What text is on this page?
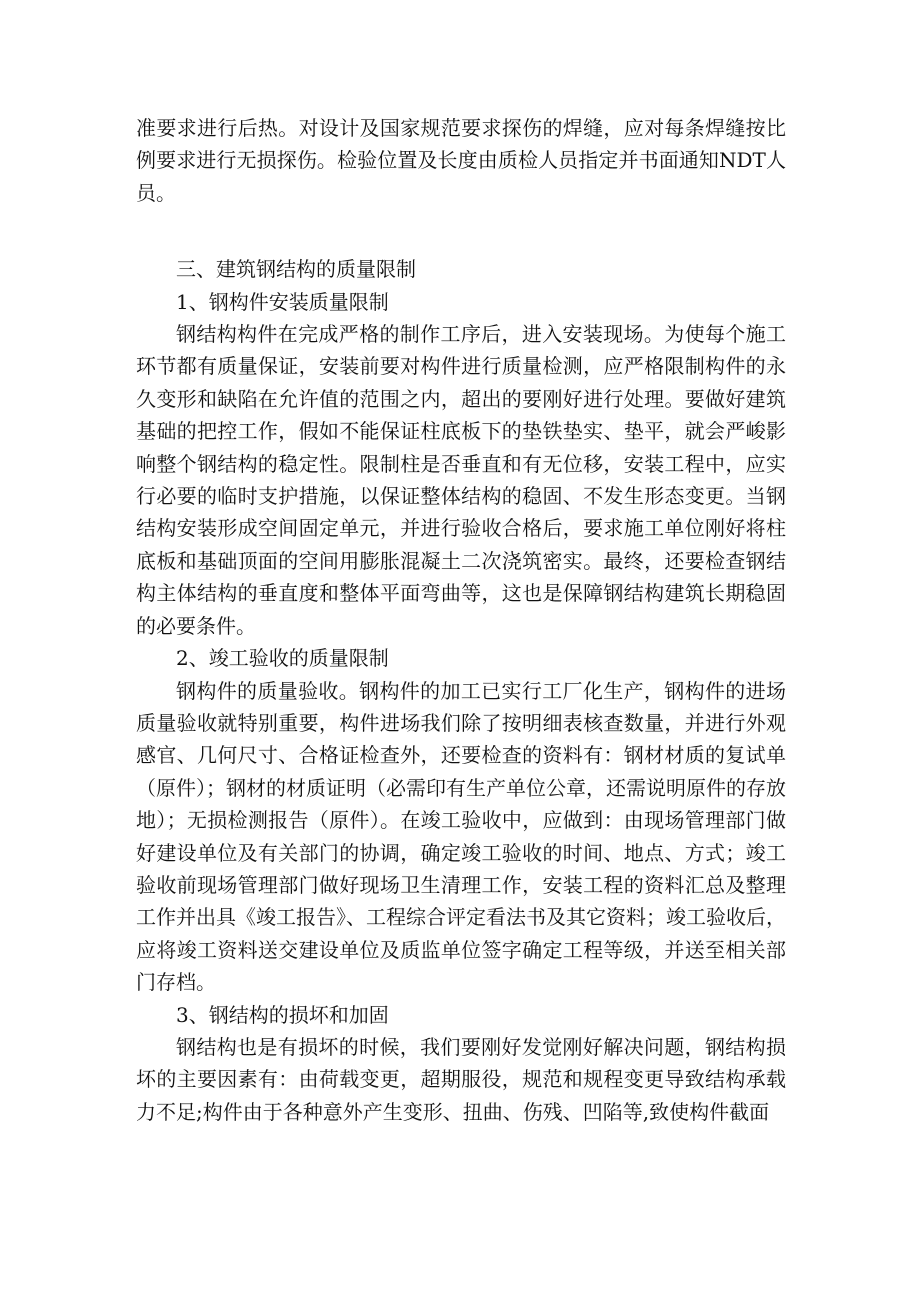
准要求进行后热。对设计及国家规范要求探伤的焊缝，应对每条焊缝按比例要求进行无损探伤。检验位置及长度由质检人员指定并书面通知NDT人员。

三、建筑钢结构的质量限制

1、钢构件安装质量限制

钢结构构件在完成严格的制作工序后，进入安装现场。为使每个施工环节都有质量保证，安装前要对构件进行质量检测，应严格限制构件的永久变形和缺陷在允许值的范围之内，超出的要刚好进行处理。要做好建筑基础的把控工作，假如不能保证柱底板下的垫铁垫实、垫平，就会严峻影响整个钢结构的稳定性。限制柱是否垂直和有无位移，安装工程中，应实行必要的临时支护措施，以保证整体结构的稳固、不发生形态变更。当钢结构安装形成空间固定单元，并进行验收合格后，要求施工单位刚好将柱底板和基础顶面的空间用膨胀混凝土二次浇筑密实。最终，还要检查钢结构主体结构的垂直度和整体平面弯曲等，这也是保障钢结构建筑长期稳固的必要条件。

2、竣工验收的质量限制

钢构件的质量验收。钢构件的加工已实行工厂化生产，钢构件的进场质量验收就特别重要，构件进场我们除了按明细表核查数量，并进行外观感官、几何尺寸、合格证检查外，还要检查的资料有：钢材材质的复试单（原件）；钢材的材质证明（必需印有生产单位公章，还需说明原件的存放地）；无损检测报告（原件）。在竣工验收中，应做到：由现场管理部门做好建设单位及有关部门的协调，确定竣工验收的时间、地点、方式；竣工验收前现场管理部门做好现场卫生清理工作，安装工程的资料汇总及整理工作并出具《竣工报告》、工程综合评定看法书及其它资料；竣工验收后，应将竣工资料送交建设单位及质监单位签字确定工程等级，并送至相关部门存档。

3、钢结构的损坏和加固

钢结构也是有损坏的时候，我们要刚好发觉刚好解决问题，钢结构损坏的主要因素有：由荷载变更，超期服役，规范和规程变更导致结构承载力不足;构件由于各种意外产生变形、扭曲、伤残、凹陷等,致使构件截面
